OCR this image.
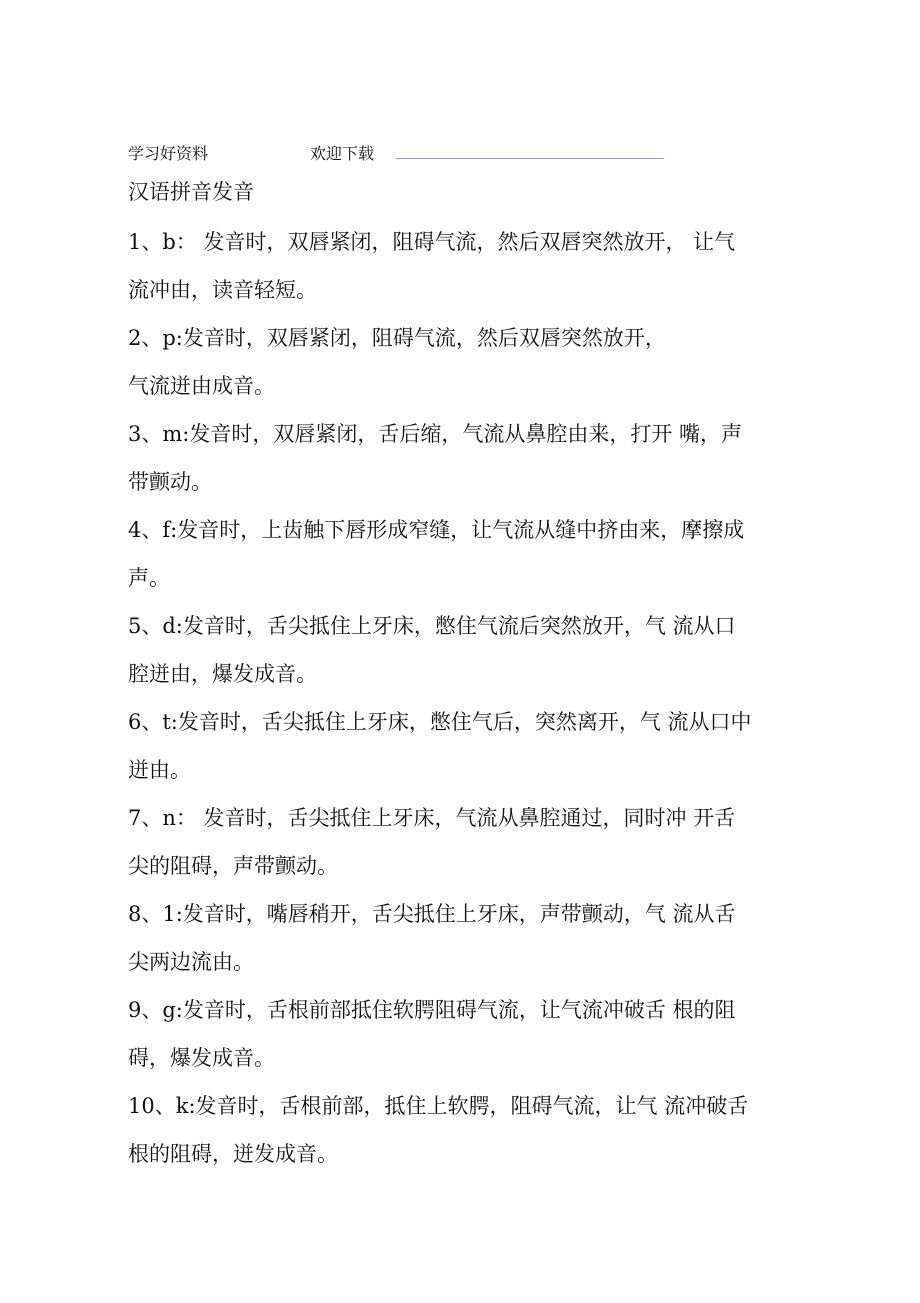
学习好资料	欢迎下载
汉语拼音发音
1、b： 发音时，双唇紧闭，阻碍气流，然后双唇突然放开， 让气
流冲由，读音轻短。
2、p:发音时，双唇紧闭，阻碍气流，然后双唇突然放开，
气流迸由成音。
3、m:发音时，双唇紧闭，舌后缩，气流从鼻腔由来，打开 嘴，声
带颤动。
4、f:发音时，上齿触下唇形成窄缝，让气流从缝中挤由来，摩擦成
声。
5、d:发音时，舌尖抵住上牙床，憋住气流后突然放开，气 流从口
腔迸由，爆发成音。
6、t:发音时，舌尖抵住上牙床，憋住气后，突然离开，气 流从口中
迸由。
7、n： 发音时，舌尖抵住上牙床，气流从鼻腔通过，同时冲 开舌
尖的阻碍，声带颤动。
8、1:发音时，嘴唇稍开，舌尖抵住上牙床，声带颤动，气 流从舌
尖两边流由。
9、g:发音时，舌根前部抵住软腭阻碍气流，让气流冲破舌 根的阻
碍，爆发成音。
10、k:发音时，舌根前部，抵住上软腭，阻碍气流，让气 流冲破舌
根的阻碍，迸发成音。
